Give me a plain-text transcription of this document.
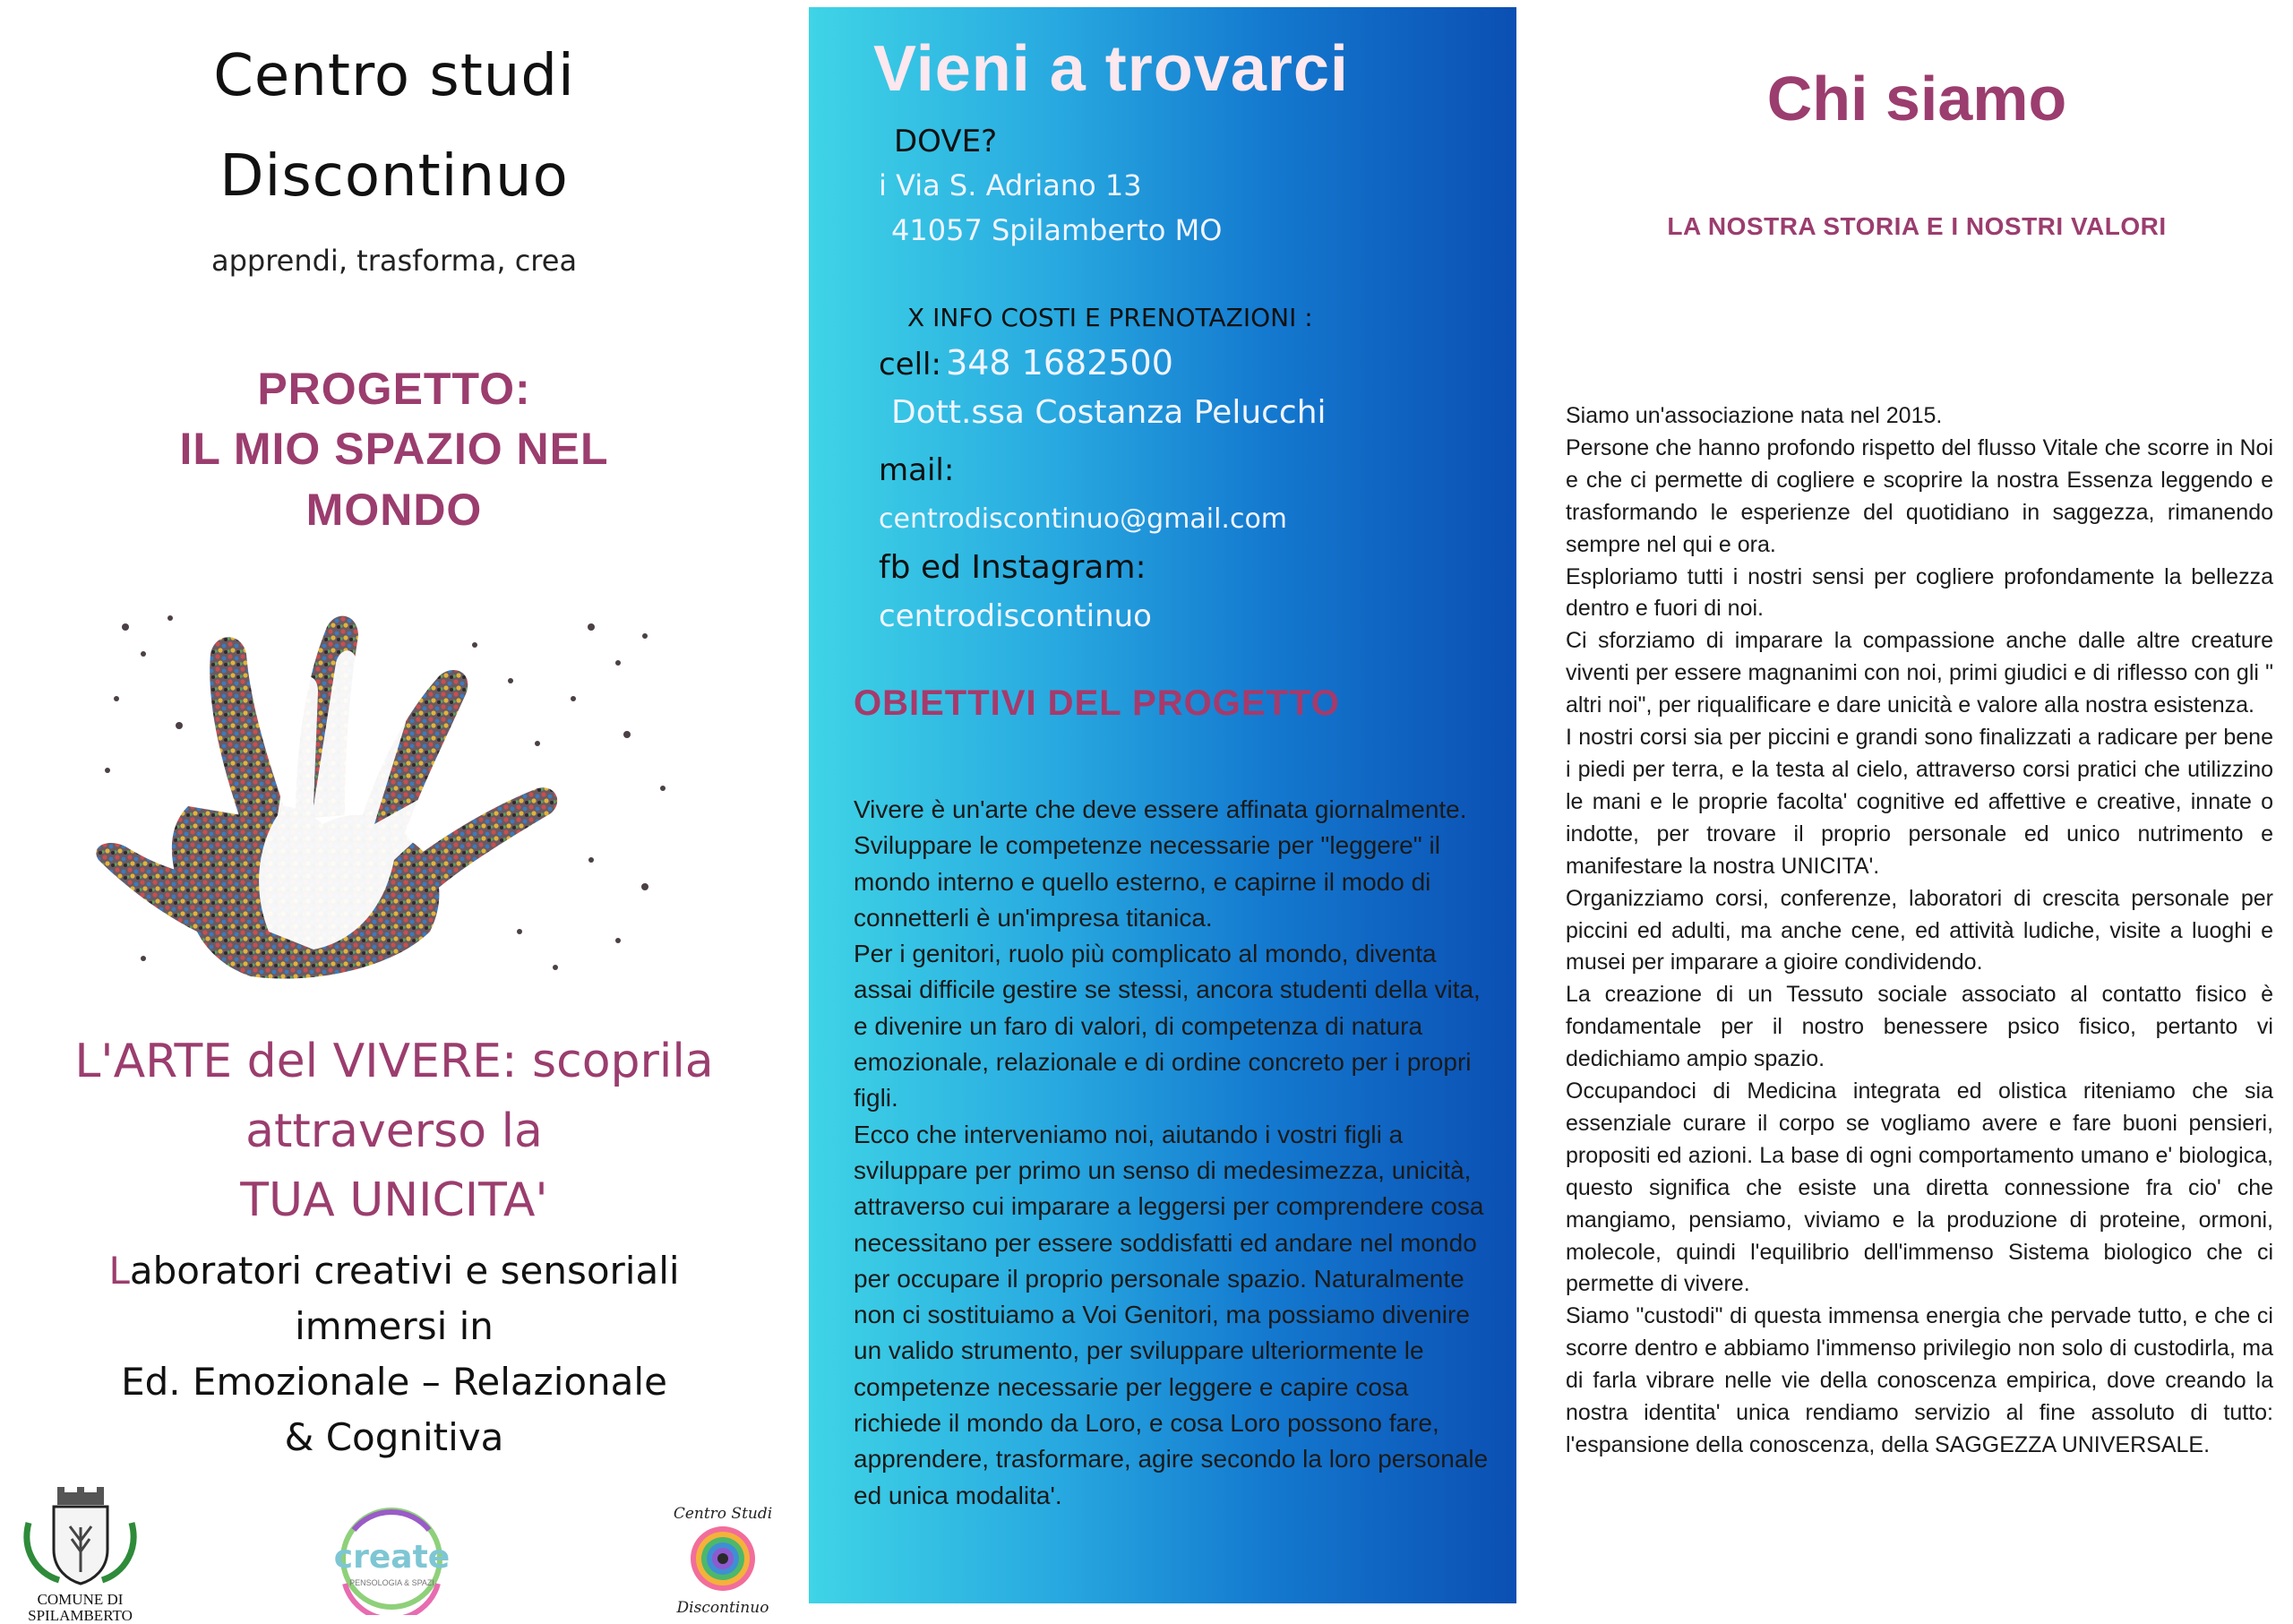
Centro studi
Discontinuo
apprendi, trasforma, crea
PROGETTO:
IL MIO SPAZIO NEL
MONDO
L'ARTE del VIVERE: scoprila
attraverso la
TUA UNICITA'
Laboratori creativi e sensoriali
immersi in
Ed. Emozionale – Relazionale
& Cognitiva
COMUNE DI
SPILAMBERTO
create
PENSOLOGIA & SPAZI
Centro Studi
Discontinuo
Vieni a trovarci
DOVE?
i Via S. Adriano 13
41057 Spilamberto MO
X INFO COSTI E PRENOTAZIONI :
cell: 348 1682500
Dott.ssa Costanza Pelucchi
mail:
centrodiscontinuo@gmail.com
fb ed Instagram:
centrodiscontinuo
OBIETTIVI DEL PROGETTO
Vivere è un'arte che deve essere affinata giornalmente.
Sviluppare le competenze necessarie per "leggere" il mondo interno e quello esterno, e capirne il modo di connetterli è un'impresa titanica.
Per i genitori, ruolo più complicato al mondo, diventa assai difficile gestire se stessi, ancora studenti della vita, e divenire un faro di valori, di competenza di natura emozionale, relazionale e di ordine concreto per i propri figli.
Ecco che interveniamo noi, aiutando i vostri figli a sviluppare per primo un senso di medesimezza, unicità, attraverso cui imparare a leggersi per comprendere cosa necessitano per essere soddisfatti ed andare nel mondo per occupare il proprio personale spazio. Naturalmente non ci sostituiamo a Voi Genitori, ma possiamo divenire un valido strumento, per sviluppare ulteriormente le competenze necessarie per leggere e capire cosa richiede il mondo da Loro, e cosa Loro possono fare, apprendere, trasformare, agire secondo la loro personale ed unica modalita'.
Chi siamo
LA NOSTRA STORIA E I NOSTRI VALORI

Siamo un'associazione nata nel 2015.

Persone che hanno profondo rispetto del flusso Vitale che scorre in Noi e che ci permette di cogliere e scoprire la nostra Essenza leggendo e trasformando le esperienze del quotidiano in saggezza, rimanendo sempre nel qui e ora.

Esploriamo tutti i nostri sensi per cogliere profondamente la bellezza dentro e fuori di noi.

Ci sforziamo di imparare la compassione anche dalle altre creature viventi per essere magnanimi con noi, primi giudici e di riflesso con gli " altri noi", per riqualificare e dare unicità e valore alla nostra esistenza.

I nostri corsi sia per piccini e grandi sono finalizzati a radicare per bene i piedi per terra, e la testa al cielo, attraverso corsi pratici che utilizzino le mani e le proprie facolta' cognitive ed affettive e creative, innate o indotte, per trovare il proprio personale ed unico nutrimento e manifestare la nostra UNICITA'.

Organizziamo corsi, conferenze, laboratori di crescita personale per piccini ed adulti, ma anche cene, ed attività ludiche, visite a luoghi e musei per imparare a gioire condividendo.

La creazione di un Tessuto sociale associato al contatto fisico è fondamentale per il nostro benessere psico fisico, pertanto vi dedichiamo ampio spazio.

Occupandoci di Medicina integrata ed olistica riteniamo che sia essenziale curare il corpo se vogliamo avere e fare buoni pensieri, propositi ed azioni. La base di ogni comportamento umano e' biologica, questo significa che esiste una diretta connessione fra cio' che mangiamo, pensiamo, viviamo e la produzione di proteine, ormoni, molecole, quindi l'equilibrio dell'immenso Sistema biologico che ci permette di vivere.

Siamo "custodi" di questa immensa energia che pervade tutto, e che ci scorre dentro e abbiamo l'immenso privilegio non solo di custodirla, ma di farla vibrare nelle vie della conoscenza empirica, dove creando la nostra identita' unica rendiamo servizio al fine assoluto di tutto: l'espansione della conoscenza, della SAGGEZZA UNIVERSALE.
